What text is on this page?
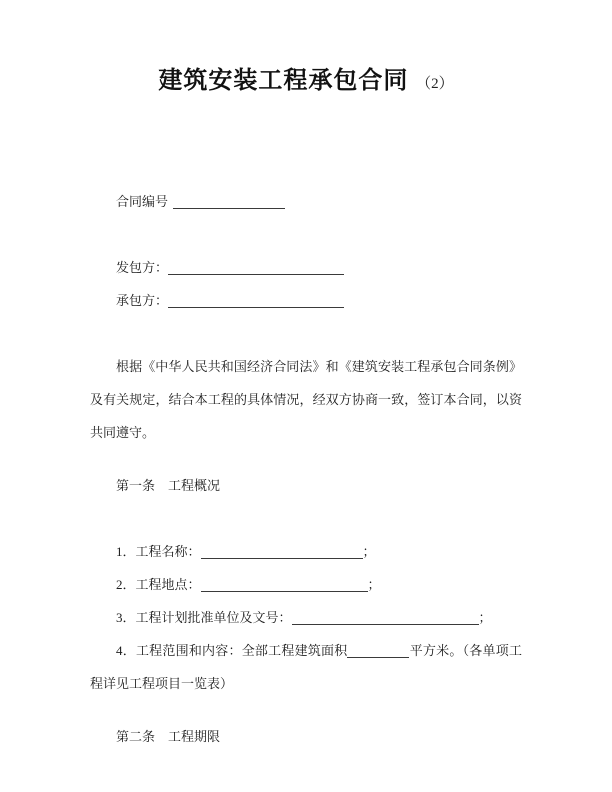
建筑安装工程承包合同 （2）
合同编号
发包方：
承包方：
根据《中华人民共和国经济合同法》和《建筑安装工程承包合同条例》及有关规定，结合本工程的具体情况，经双方协商一致，签订本合同，以资共同遵守。
第一条　工程概况
1．工程名称：	；
2．工程地点：	；
3．工程计划批准单位及文号：	；
4．工程范围和内容：全部工程建筑面积	平方米。（各单项工程详见工程项目一览表）
第二条　工程期限
